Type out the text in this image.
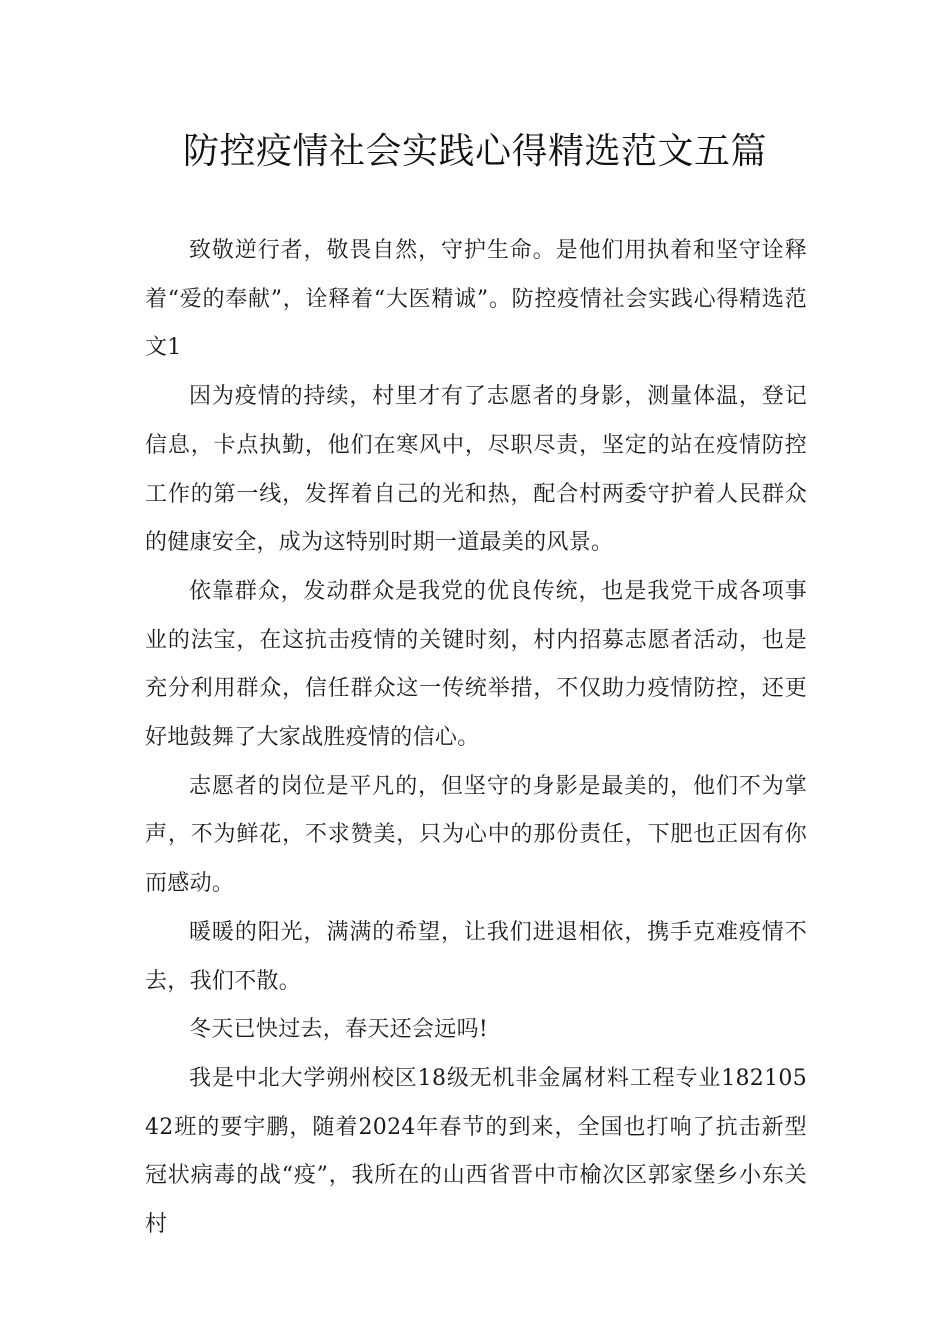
防控疫情社会实践心得精选范文五篇

致敬逆行者，敬畏自然，守护生命。是他们用执着和坚守诠释着“爱的奉献”，诠释着“大医精诚”。防控疫情社会实践心得精选范文1

因为疫情的持续，村里才有了志愿者的身影，测量体温，登记信息，卡点执勤，他们在寒风中，尽职尽责，坚定的站在疫情防控工作的第一线，发挥着自己的光和热，配合村两委守护着人民群众的健康安全，成为这特别时期一道最美的风景。

依靠群众，发动群众是我党的优良传统，也是我党干成各项事业的法宝，在这抗击疫情的关键时刻，村内招募志愿者活动，也是充分利用群众，信任群众这一传统举措，不仅助力疫情防控，还更好地鼓舞了大家战胜疫情的信心。

志愿者的岗位是平凡的，但坚守的身影是最美的，他们不为掌声，不为鲜花，不求赞美，只为心中的那份责任，下肥也正因有你而感动。

暖暖的阳光，满满的希望，让我们进退相依，携手克难疫情不去，我们不散。

冬天已快过去，春天还会远吗!

我是中北大学朔州校区18级无机非金属材料工程专业18210542班的要宇鹏，随着2024年春节的到来，全国也打响了抗击新型冠状病毒的战“疫”，我所在的山西省晋中市榆次区郭家堡乡小东关村
